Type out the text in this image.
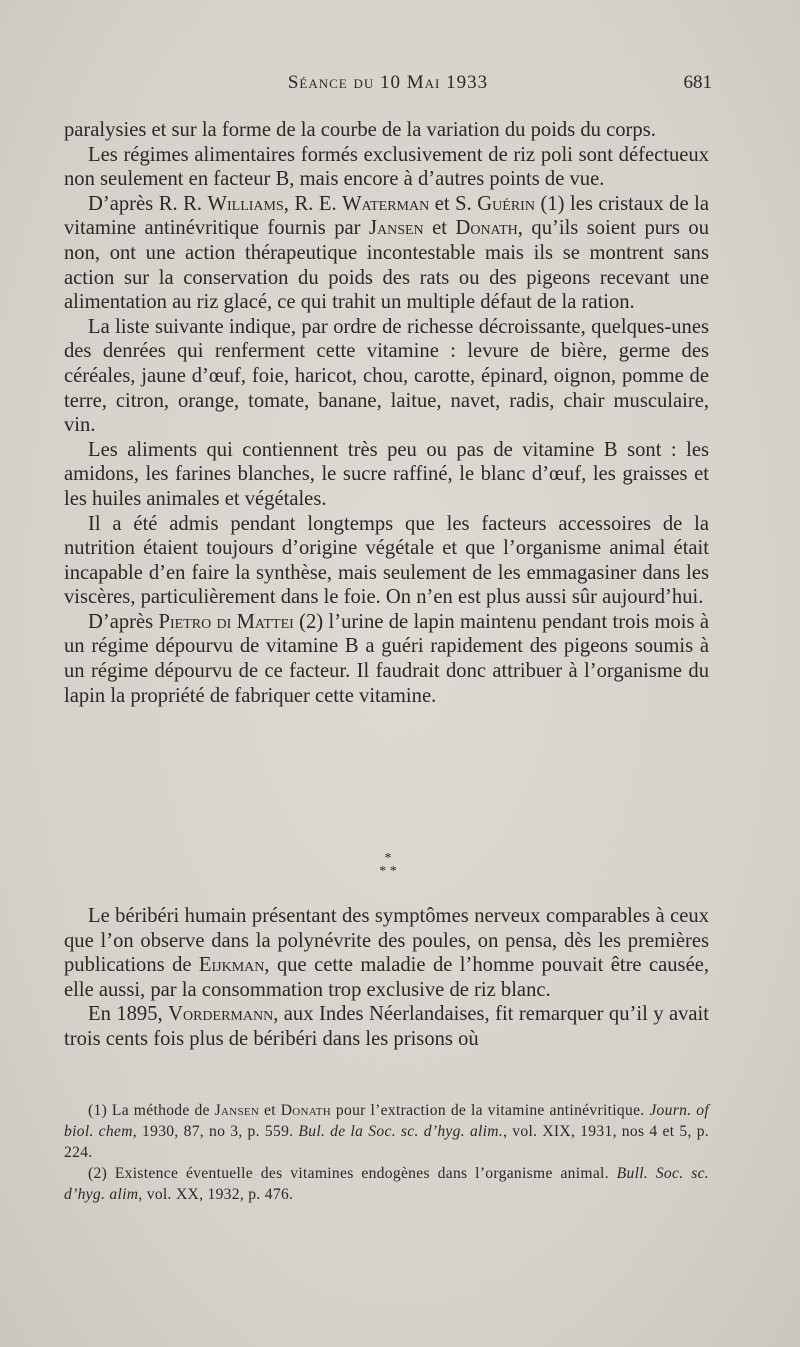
Séance du 10 Mai 1933	681

paralysies et sur la forme de la courbe de la variation du poids du corps.

Les régimes alimentaires formés exclusivement de riz poli sont défectueux non seulement en facteur B, mais encore à d’autres points de vue.

D’après R. R. Williams, R. E. Waterman et S. Guérin (1) les cristaux de la vitamine antinévritique fournis par Jansen et Donath, qu’ils soient purs ou non, ont une action thérapeutique incontestable mais ils se montrent sans action sur la conservation du poids des rats ou des pigeons recevant une alimentation au riz glacé, ce qui trahit un multiple défaut de la ration.

La liste suivante indique, par ordre de richesse décroissante, quelques-unes des denrées qui renferment cette vitamine : levure de bière, germe des céréales, jaune d’œuf, foie, haricot, chou, carotte, épinard, oignon, pomme de terre, citron, orange, tomate, banane, laitue, navet, radis, chair musculaire, vin.

Les aliments qui contiennent très peu ou pas de vitamine B sont : les amidons, les farines blanches, le sucre raffiné, le blanc d’œuf, les graisses et les huiles animales et végétales.

Il a été admis pendant longtemps que les facteurs accessoires de la nutrition étaient toujours d’origine végétale et que l’organisme animal était incapable d’en faire la synthèse, mais seulement de les emmagasiner dans les viscères, particulièrement dans le foie. On n’en est plus aussi sûr aujourd’hui.

D’après Pietro di Mattei (2) l’urine de lapin maintenu pendant trois mois à un régime dépourvu de vitamine B a guéri rapidement des pigeons soumis à un régime dépourvu de ce facteur. Il faudrait donc attribuer à l’organisme du lapin la propriété de fabriquer cette vitamine.

*
* *

Le béribéri humain présentant des symptômes nerveux comparables à ceux que l’on observe dans la polynévrite des poules, on pensa, dès les premières publications de Eijkman, que cette maladie de l’homme pouvait être causée, elle aussi, par la consommation trop exclusive de riz blanc.

En 1895, Vordermann, aux Indes Néerlandaises, fit remarquer qu’il y avait trois cents fois plus de béribéri dans les prisons où

(1) La méthode de Jansen et Donath pour l’extraction de la vitamine antinévritique. Journ. of biol. chem, 1930, 87, no 3, p. 559. Bul. de la Soc. sc. d’hyg. alim., vol. XIX, 1931, nos 4 et 5, p. 224.

(2) Existence éventuelle des vitamines endogènes dans l’organisme animal. Bull. Soc. sc. d’hyg. alim, vol. XX, 1932, p. 476.
